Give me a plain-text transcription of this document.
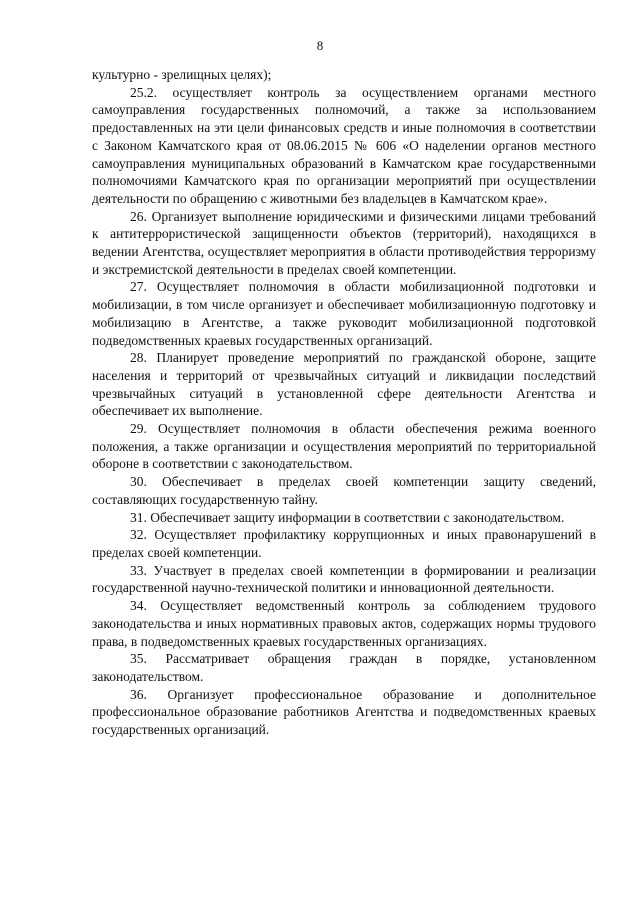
8

культурно - зрелищных целях);

25.2. осуществляет контроль за осуществлением органами местного самоуправления государственных полномочий, а также за использованием предоставленных на эти цели финансовых средств и иные полномочия в соответствии с Законом Камчатского края от 08.06.2015 № 606 «О наделении органов местного самоуправления муниципальных образований в Камчатском крае государственными полномочиями Камчатского края по организации мероприятий при осуществлении деятельности по обращению с животными без владельцев в Камчатском крае».

26. Организует выполнение юридическими и физическими лицами требований к антитеррористической защищенности объектов (территорий), находящихся в ведении Агентства, осуществляет мероприятия в области противодействия терроризму и экстремистской деятельности в пределах своей компетенции.

27. Осуществляет полномочия в области мобилизационной подготовки и мобилизации, в том числе организует и обеспечивает мобилизационную подготовку и мобилизацию в Агентстве, а также руководит мобилизационной подготовкой подведомственных краевых государственных организаций.

28. Планирует проведение мероприятий по гражданской обороне, защите населения и территорий от чрезвычайных ситуаций и ликвидации последствий чрезвычайных ситуаций в установленной сфере деятельности Агентства и обеспечивает их выполнение.

29. Осуществляет полномочия в области обеспечения режима военного положения, а также организации и осуществления мероприятий по территориальной обороне в соответствии с законодательством.

30. Обеспечивает в пределах своей компетенции защиту сведений, составляющих государственную тайну.

31. Обеспечивает защиту информации в соответствии с законодательством.

32. Осуществляет профилактику коррупционных и иных правонарушений в пределах своей компетенции.

33. Участвует в пределах своей компетенции в формировании и реализации государственной научно-технической политики и инновационной деятельности.

34. Осуществляет ведомственный контроль за соблюдением трудового законодательства и иных нормативных правовых актов, содержащих нормы трудового права, в подведомственных краевых государственных организациях.

35. Рассматривает обращения граждан в порядке, установленном законодательством.

36. Организует профессиональное образование и дополнительное профессиональное образование работников Агентства и подведомственных краевых государственных организаций.
